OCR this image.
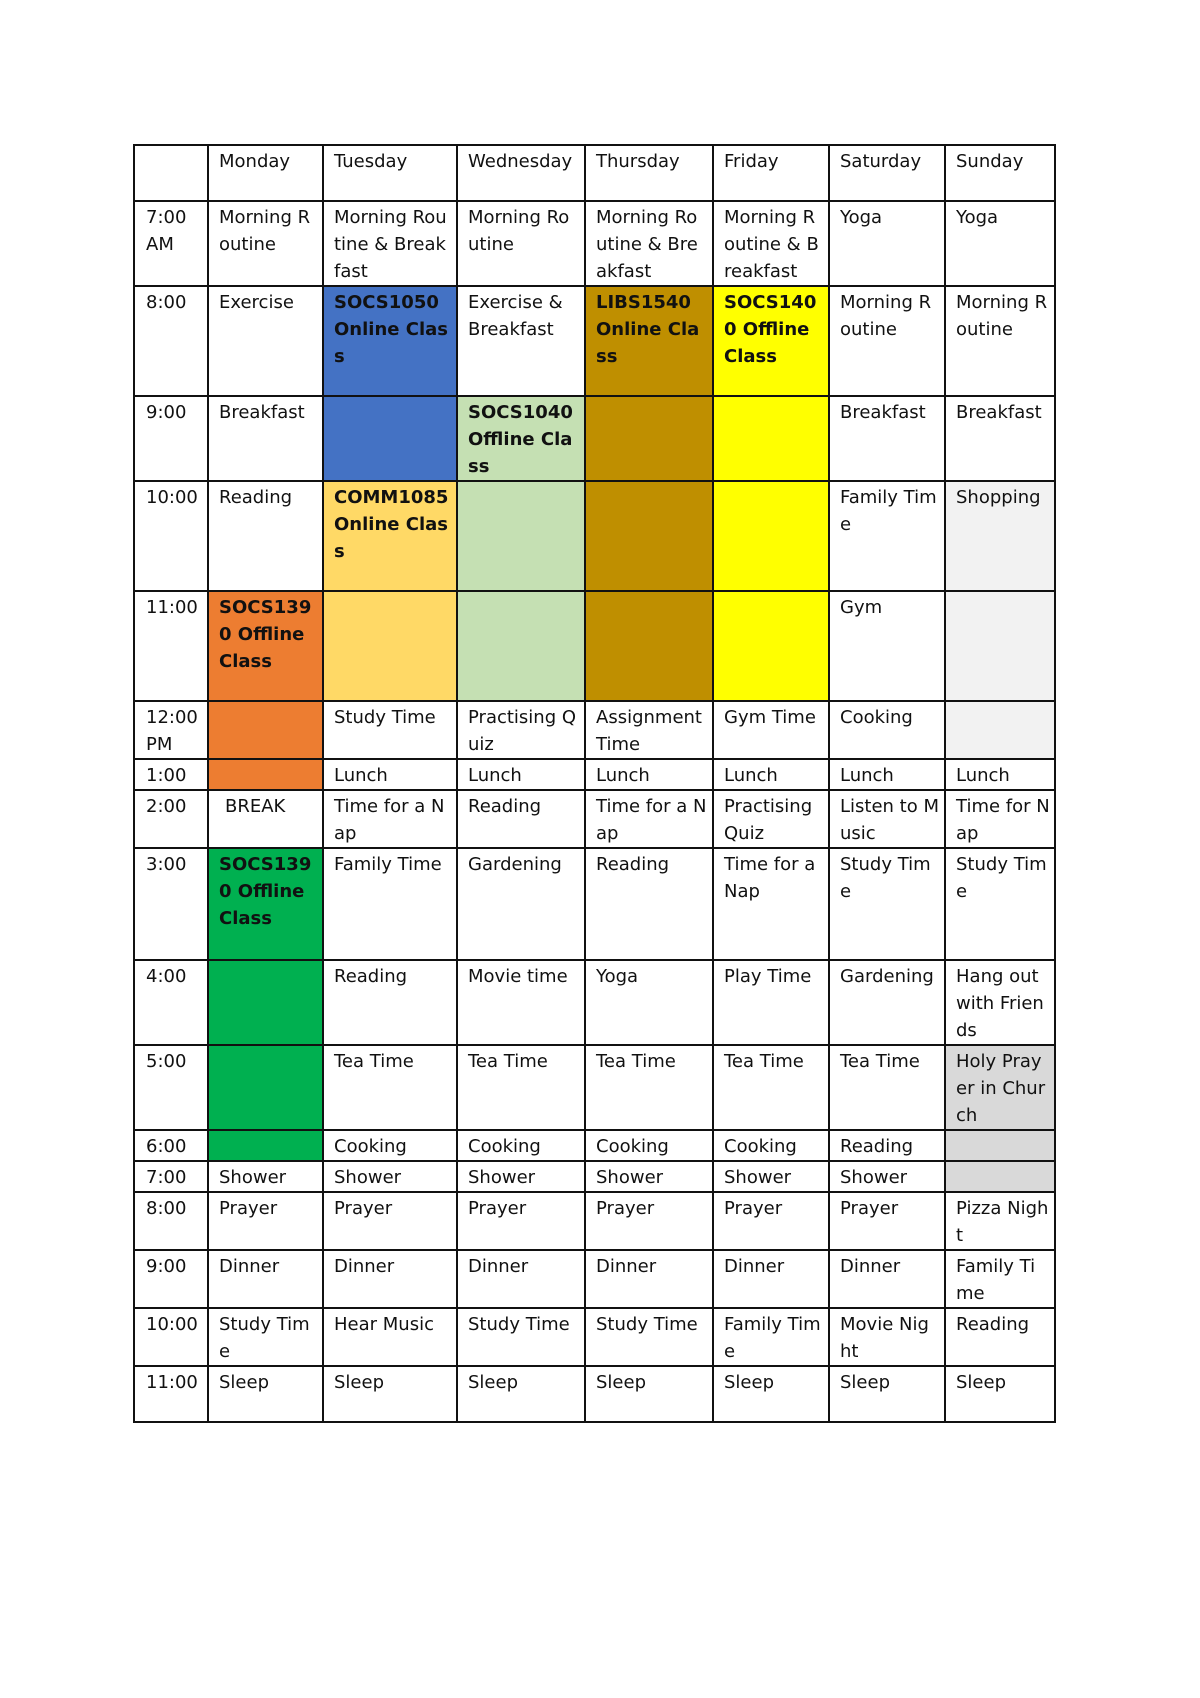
	Monday	Tuesday	Wednesday	Thursday	Friday	Saturday	Sunday
7:00 AM	Morning Routine	Morning Routine & Breakfast	Morning Routine	Morning Routine & Breakfast	Morning Routine & Breakfast	Yoga	Yoga
8:00	Exercise	SOCS1050 Online Class	Exercise & Breakfast	LIBS1540 Online Class	SOCS1400 Offline Class	Morning Routine	Morning Routine
9:00	Breakfast		SOCS1040 Offline Class			Breakfast	Breakfast
10:00	Reading	COMM1085 Online Class				Family Time	Shopping
11:00	SOCS1390 Offline Class					Gym	
12:00 PM		Study Time	Practising Quiz	Assignment Time	Gym Time	Cooking	
1:00		Lunch	Lunch	Lunch	Lunch	Lunch	Lunch
2:00	BREAK	Time for a Nap	Reading	Time for a Nap	Practising Quiz	Listen to Music	Time for Nap
3:00	SOCS1390 Offline Class	Family Time	Gardening	Reading	Time for a Nap	Study Time	Study Time
4:00		Reading	Movie time	Yoga	Play Time	Gardening	Hang out with Friends
5:00		Tea Time	Tea Time	Tea Time	Tea Time	Tea Time	Holy Prayer in Church
6:00		Cooking	Cooking	Cooking	Cooking	Reading	
7:00	Shower	Shower	Shower	Shower	Shower	Shower	
8:00	Prayer	Prayer	Prayer	Prayer	Prayer	Prayer	Pizza Night
9:00	Dinner	Dinner	Dinner	Dinner	Dinner	Dinner	Family Time
10:00	Study Time	Hear Music	Study Time	Study Time	Family Time	Movie Night	Reading
11:00	Sleep	Sleep	Sleep	Sleep	Sleep	Sleep	Sleep
